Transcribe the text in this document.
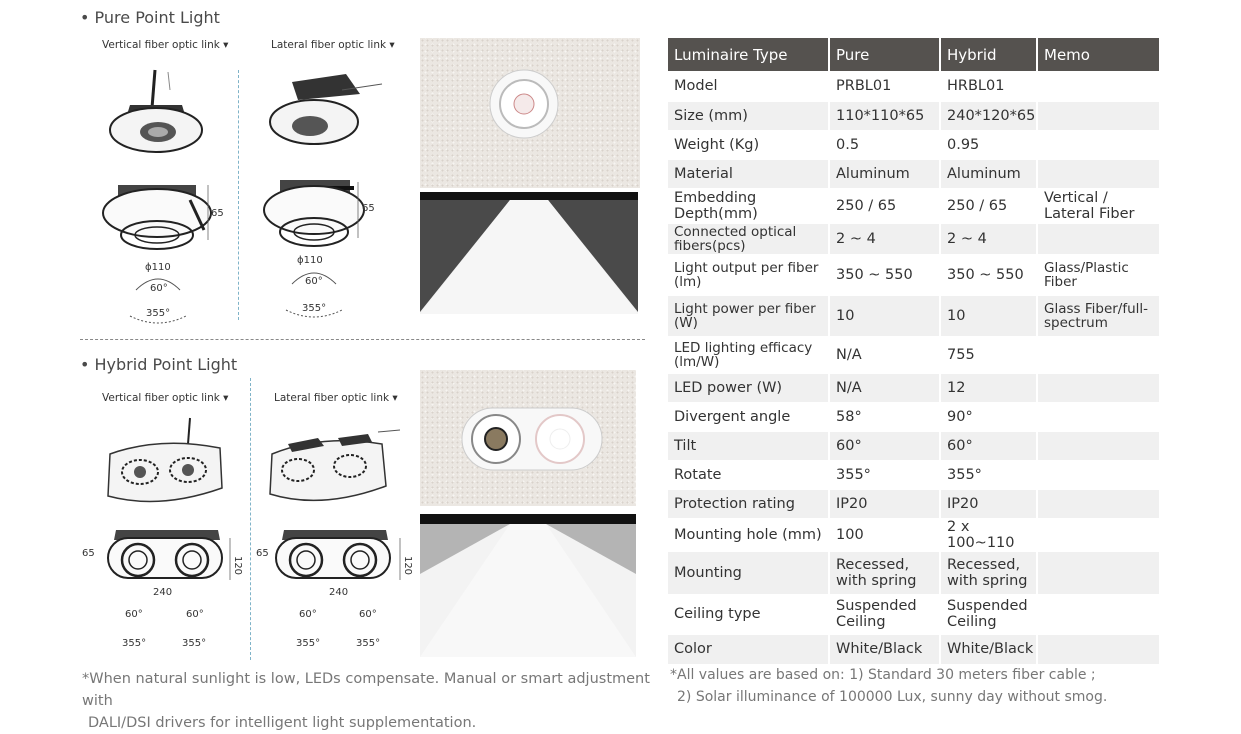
• Pure Point Light
Vertical fiber optic link ▾	Lateral fiber optic link ▾
65
ɸ110
60°
355°
65
ɸ110
60°
355°
• Hybrid Point Light
Vertical fiber optic link ▾	Lateral fiber optic link ▾
65
120
240
60°	60°
355°	355°
65
120
240
60°	60°
355°	355°
*When natural sunlight is low, LEDs compensate. Manual or smart adjustment with
DALI/DSI drivers for intelligent light supplementation.
Luminaire Type	Pure	Hybrid	Memo
Model	PRBL01	HRBL01	
Size (mm)	110*110*65	240*120*65	
Weight (Kg)	0.5	0.95	
Material	Aluminum	Aluminum	
Embedding Depth(mm)	250 / 65	250 / 65	Vertical / Lateral Fiber
Connected optical fibers(pcs)	2 ~ 4	2 ~ 4	
Light output per fiber (lm)	350 ~ 550	350 ~ 550	Glass/Plastic Fiber
Light power per fiber (W)	10	10	Glass Fiber/full-spectrum
LED lighting efficacy (lm/W)	N/A	755	
LED power (W)	N/A	12	
Divergent angle	58°	90°	
Tilt	60°	60°	
Rotate	355°	355°	
Protection rating	IP20	IP20	
Mounting hole (mm)	100	2 x 100~110	
Mounting	Recessed, with spring	Recessed, with spring	
Ceiling type	Suspended Ceiling	Suspended Ceiling	
Color	White/Black	White/Black	
*All values are based on: 1) Standard 30 meters fiber cable ;
2) Solar illuminance of 100000 Lux, sunny day without smog.
